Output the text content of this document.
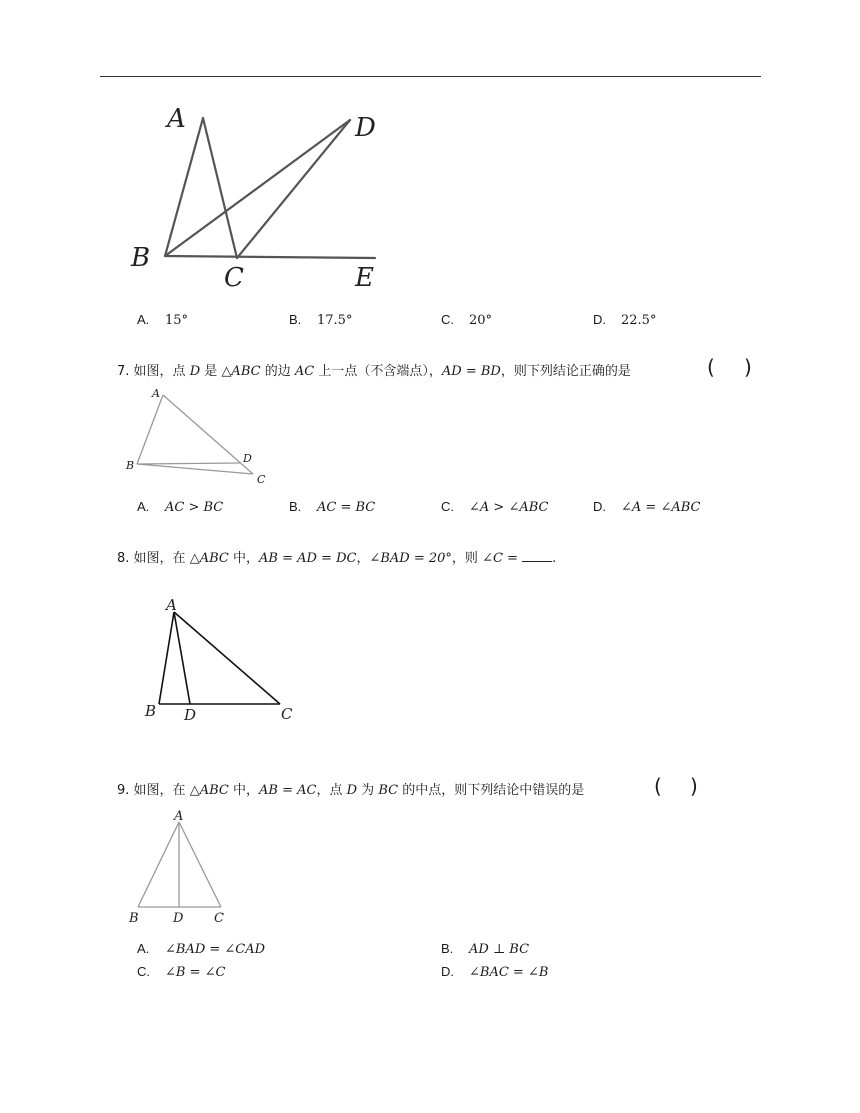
A	D
B
C	E
A. 15°	B. 17.5°	C. 20°	D. 22.5°
7. 如图，点 D 是 △ABC 的边 AC 上一点（不含端点），AD = BD，则下列结论正确的是	( )
A
B
D
C
A. AC > BC	B. AC = BC	C. ∠A > ∠ABC	D. ∠A = ∠ABC
8. 如图，在 △ABC 中，AB = AD = DC，∠BAD = 20°，则 ∠C =	.
A
B D	C
9. 如图，在 △ABC 中，AB = AC，点 D 为 BC 的中点，则下列结论中错误的是	( )
A
B	D C
A. ∠BAD = ∠CAD	B. AD ⊥ BC
C. ∠B = ∠C	D. ∠BAC = ∠B
